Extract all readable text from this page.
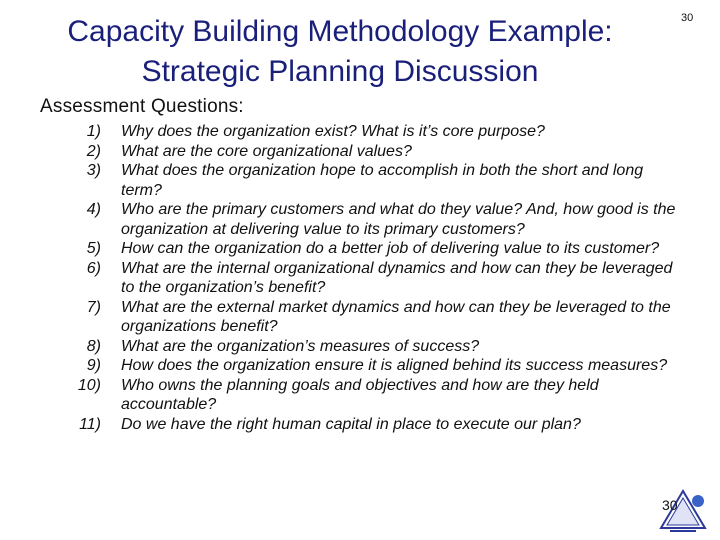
Capacity Building Methodology Example:
Strategic Planning Discussion
30
Assessment Questions:
1) Why does the organization exist? What is it’s core purpose?
2) What are the core organizational values?
3) What does the organization hope to accomplish in both the short and long term?
4) Who are the primary customers and what do they value? And, how good is the organization at delivering value to its primary customers?
5) How can the organization do a better job of delivering value to its customer?
6) What are the internal organizational dynamics and how can they be leveraged to the organization’s benefit?
7) What are the external market dynamics and how can they be leveraged to the organizations benefit?
8) What are the organization’s measures of success?
9) How does the organization ensure it is aligned behind its success measures?
10) Who owns the planning goals and objectives and how are they held accountable?
11) Do we have the right human capital in place to execute our plan?
30
